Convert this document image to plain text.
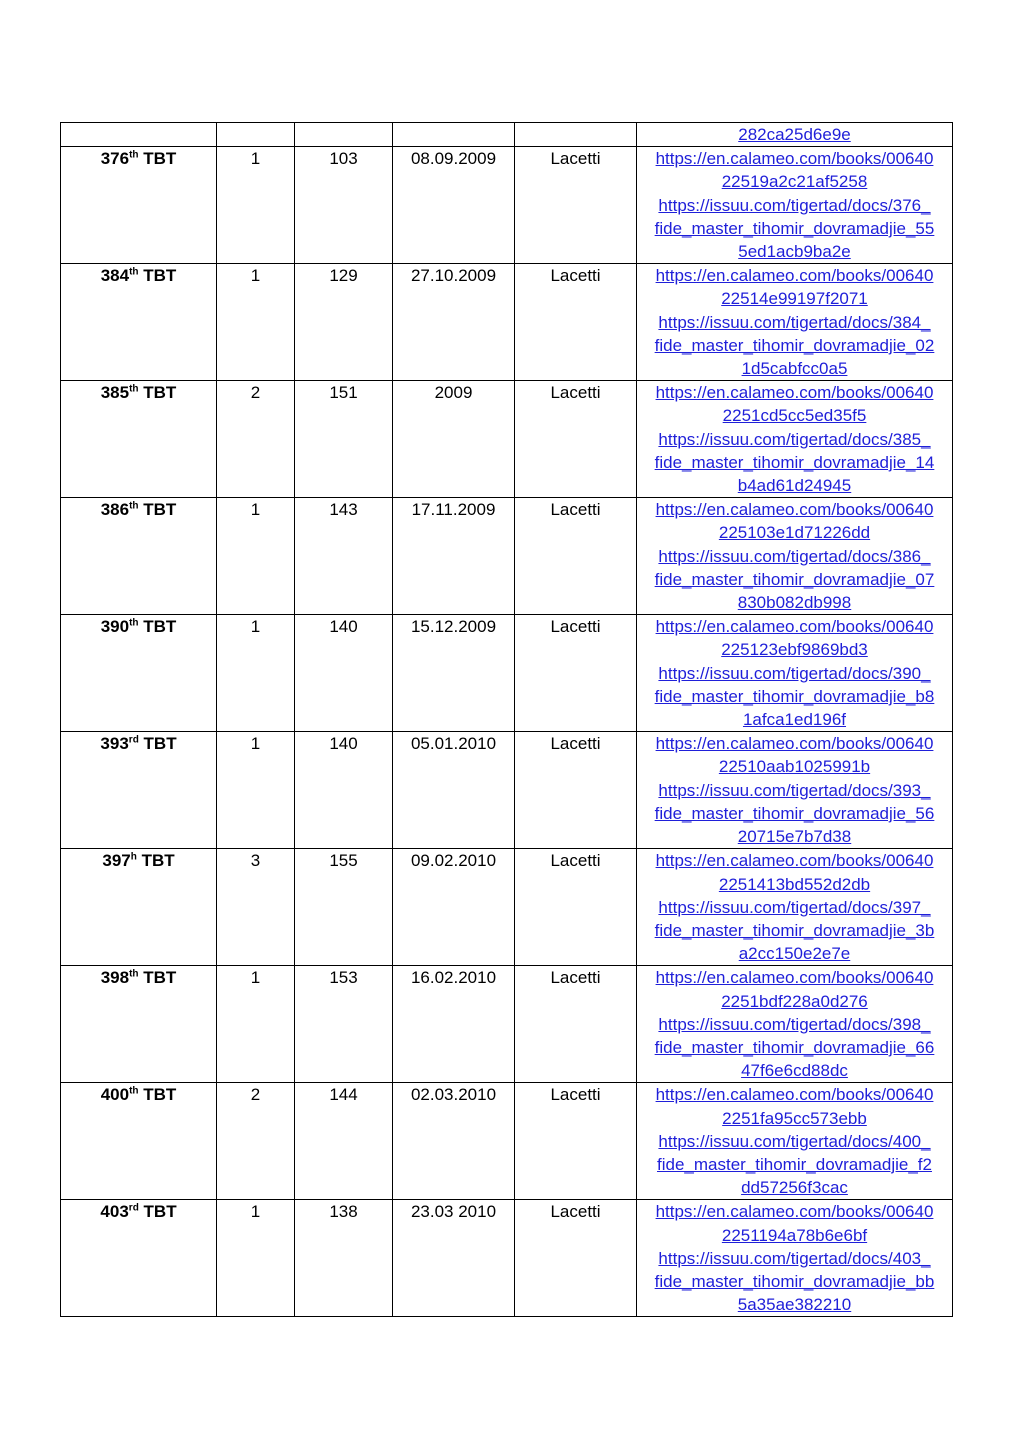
					282ca25d6e9e

376th TBT	1	103	08.09.2009	Lacetti	https://en.calameo.com/books/00640
22519a2c21af5258
https://issuu.com/tigertad/docs/376_
fide_master_tihomir_dovramadjie_55
5ed1acb9ba2e

384th TBT	1	129	27.10.2009	Lacetti	https://en.calameo.com/books/00640
22514e99197f2071
https://issuu.com/tigertad/docs/384_
fide_master_tihomir_dovramadjie_02
1d5cabfcc0a5

385th TBT	2	151	2009	Lacetti	https://en.calameo.com/books/00640
2251cd5cc5ed35f5
https://issuu.com/tigertad/docs/385_
fide_master_tihomir_dovramadjie_14
b4ad61d24945

386th TBT	1	143	17.11.2009	Lacetti	https://en.calameo.com/books/00640
225103e1d71226dd
https://issuu.com/tigertad/docs/386_
fide_master_tihomir_dovramadjie_07
830b082db998

390th TBT	1	140	15.12.2009	Lacetti	https://en.calameo.com/books/00640
225123ebf9869bd3
https://issuu.com/tigertad/docs/390_
fide_master_tihomir_dovramadjie_b8
1afca1ed196f

393rd TBT	1	140	05.01.2010	Lacetti	https://en.calameo.com/books/00640
22510aab1025991b
https://issuu.com/tigertad/docs/393_
fide_master_tihomir_dovramadjie_56
20715e7b7d38

397$^h$ TBT	3	155	09.02.2010	Lacetti	https://en.calameo.com/books/00640
2251413bd552d2db
https://issuu.com/tigertad/docs/397_
fide_master_tihomir_dovramadjie_3b
a2cc150e2e7e

398th TBT	1	153	16.02.2010	Lacetti	https://en.calameo.com/books/00640
2251bdf228a0d276
https://issuu.com/tigertad/docs/398_
fide_master_tihomir_dovramadjie_66
47f6e6cd88dc

400th TBT	2	144	02.03.2010	Lacetti	https://en.calameo.com/books/00640
2251fa95cc573ebb
https://issuu.com/tigertad/docs/400_
fide_master_tihomir_dovramadjie_f2
dd57256f3cac

403rd TBT	1	138	23.03 2010	Lacetti	https://en.calameo.com/books/00640
2251194a78b6e6bf
https://issuu.com/tigertad/docs/403_
fide_master_tihomir_dovramadjie_bb
5a35ae382210
